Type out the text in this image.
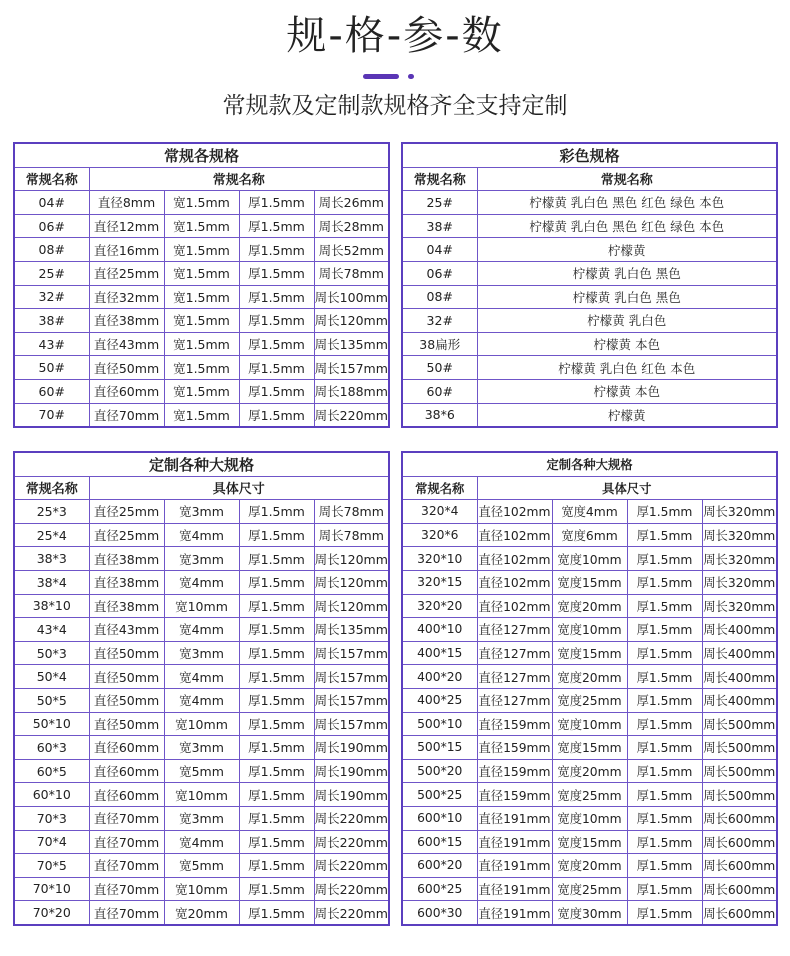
规-格-参-数
常规款及定制款规格齐全支持定制
常规各规格				
常规名称	常规名称			
04#	直径8mm	宽1.5mm	厚1.5mm	周长26mm
06#	直径12mm	宽1.5mm	厚1.5mm	周长28mm
08#	直径16mm	宽1.5mm	厚1.5mm	周长52mm
25#	直径25mm	宽1.5mm	厚1.5mm	周长78mm
32#	直径32mm	宽1.5mm	厚1.5mm	周长100mm
38#	直径38mm	宽1.5mm	厚1.5mm	周长120mm
43#	直径43mm	宽1.5mm	厚1.5mm	周长135mm
50#	直径50mm	宽1.5mm	厚1.5mm	周长157mm
60#	直径60mm	宽1.5mm	厚1.5mm	周长188mm
70#	直径70mm	宽1.5mm	厚1.5mm	周长220mm
彩色规格	
常规名称	常规名称
25#	柠檬黄 乳白色 黑色 红色 绿色 本色
38#	柠檬黄 乳白色 黑色 红色 绿色 本色
04#	柠檬黄
06#	柠檬黄 乳白色 黑色
08#	柠檬黄 乳白色 黑色
32#	柠檬黄 乳白色
38扁形	柠檬黄 本色
50#	柠檬黄 乳白色 红色 本色
60#	柠檬黄 本色
38*6	柠檬黄
定制各种大规格				
常规名称	具体尺寸			
25*3	直径25mm	宽3mm	厚1.5mm	周长78mm
25*4	直径25mm	宽4mm	厚1.5mm	周长78mm
38*3	直径38mm	宽3mm	厚1.5mm	周长120mm
38*4	直径38mm	宽4mm	厚1.5mm	周长120mm
38*10	直径38mm	宽10mm	厚1.5mm	周长120mm
43*4	直径43mm	宽4mm	厚1.5mm	周长135mm
50*3	直径50mm	宽3mm	厚1.5mm	周长157mm
50*4	直径50mm	宽4mm	厚1.5mm	周长157mm
50*5	直径50mm	宽4mm	厚1.5mm	周长157mm
50*10	直径50mm	宽10mm	厚1.5mm	周长157mm
60*3	直径60mm	宽3mm	厚1.5mm	周长190mm
60*5	直径60mm	宽5mm	厚1.5mm	周长190mm
60*10	直径60mm	宽10mm	厚1.5mm	周长190mm
70*3	直径70mm	宽3mm	厚1.5mm	周长220mm
70*4	直径70mm	宽4mm	厚1.5mm	周长220mm
70*5	直径70mm	宽5mm	厚1.5mm	周长220mm
70*10	直径70mm	宽10mm	厚1.5mm	周长220mm
70*20	直径70mm	宽20mm	厚1.5mm	周长220mm
定制各种大规格				
常规名称	具体尺寸			
320*4	直径102mm	宽度4mm	厚1.5mm	周长320mm
320*6	直径102mm	宽度6mm	厚1.5mm	周长320mm
320*10	直径102mm	宽度10mm	厚1.5mm	周长320mm
320*15	直径102mm	宽度15mm	厚1.5mm	周长320mm
320*20	直径102mm	宽度20mm	厚1.5mm	周长320mm
400*10	直径127mm	宽度10mm	厚1.5mm	周长400mm
400*15	直径127mm	宽度15mm	厚1.5mm	周长400mm
400*20	直径127mm	宽度20mm	厚1.5mm	周长400mm
400*25	直径127mm	宽度25mm	厚1.5mm	周长400mm
500*10	直径159mm	宽度10mm	厚1.5mm	周长500mm
500*15	直径159mm	宽度15mm	厚1.5mm	周长500mm
500*20	直径159mm	宽度20mm	厚1.5mm	周长500mm
500*25	直径159mm	宽度25mm	厚1.5mm	周长500mm
600*10	直径191mm	宽度10mm	厚1.5mm	周长600mm
600*15	直径191mm	宽度15mm	厚1.5mm	周长600mm
600*20	直径191mm	宽度20mm	厚1.5mm	周长600mm
600*25	直径191mm	宽度25mm	厚1.5mm	周长600mm
600*30	直径191mm	宽度30mm	厚1.5mm	周长600mm
